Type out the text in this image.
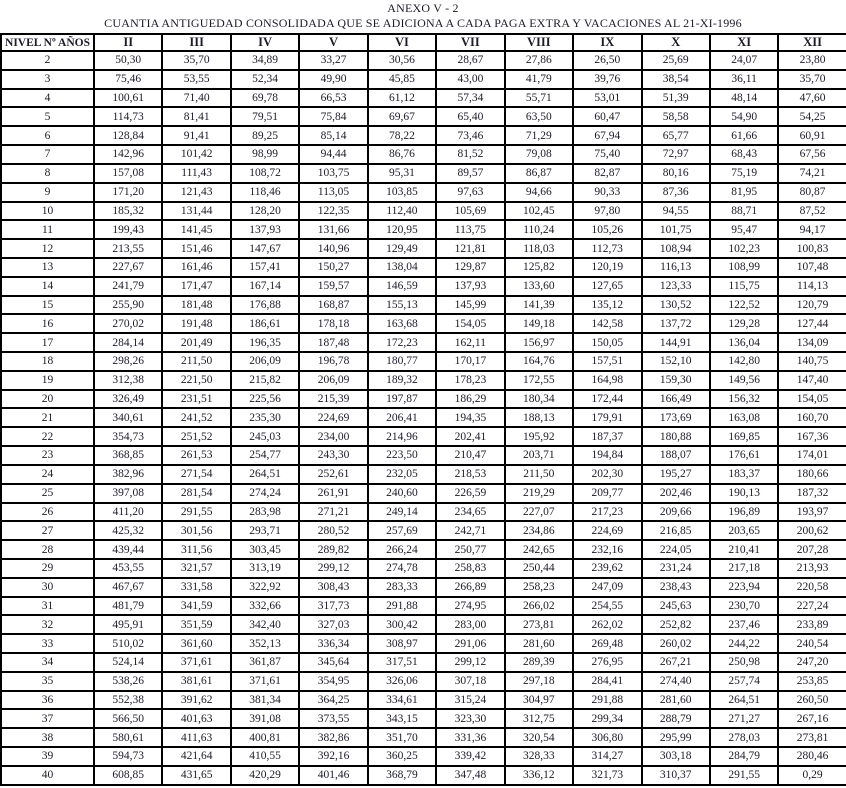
ANEXO V - 2
CUANTIA ANTIGUEDAD CONSOLIDADA QUE SE ADICIONA A CADA PAGA EXTRA Y VACACIONES AL 21-XI-1996
NIVEL Nº AÑOS	II	III	IV	V	VI	VII	VIII	IX	X	XI	XII
2	50,30	35,70	34,89	33,27	30,56	28,67	27,86	26,50	25,69	24,07	23,80
3	75,46	53,55	52,34	49,90	45,85	43,00	41,79	39,76	38,54	36,11	35,70
4	100,61	71,40	69,78	66,53	61,12	57,34	55,71	53,01	51,39	48,14	47,60
5	114,73	81,41	79,51	75,84	69,67	65,40	63,50	60,47	58,58	54,90	54,25
6	128,84	91,41	89,25	85,14	78,22	73,46	71,29	67,94	65,77	61,66	60,91
7	142,96	101,42	98,99	94,44	86,76	81,52	79,08	75,40	72,97	68,43	67,56
8	157,08	111,43	108,72	103,75	95,31	89,57	86,87	82,87	80,16	75,19	74,21
9	171,20	121,43	118,46	113,05	103,85	97,63	94,66	90,33	87,36	81,95	80,87
10	185,32	131,44	128,20	122,35	112,40	105,69	102,45	97,80	94,55	88,71	87,52
11	199,43	141,45	137,93	131,66	120,95	113,75	110,24	105,26	101,75	95,47	94,17
12	213,55	151,46	147,67	140,96	129,49	121,81	118,03	112,73	108,94	102,23	100,83
13	227,67	161,46	157,41	150,27	138,04	129,87	125,82	120,19	116,13	108,99	107,48
14	241,79	171,47	167,14	159,57	146,59	137,93	133,60	127,65	123,33	115,75	114,13
15	255,90	181,48	176,88	168,87	155,13	145,99	141,39	135,12	130,52	122,52	120,79
16	270,02	191,48	186,61	178,18	163,68	154,05	149,18	142,58	137,72	129,28	127,44
17	284,14	201,49	196,35	187,48	172,23	162,11	156,97	150,05	144,91	136,04	134,09
18	298,26	211,50	206,09	196,78	180,77	170,17	164,76	157,51	152,10	142,80	140,75
19	312,38	221,50	215,82	206,09	189,32	178,23	172,55	164,98	159,30	149,56	147,40
20	326,49	231,51	225,56	215,39	197,87	186,29	180,34	172,44	166,49	156,32	154,05
21	340,61	241,52	235,30	224,69	206,41	194,35	188,13	179,91	173,69	163,08	160,70
22	354,73	251,52	245,03	234,00	214,96	202,41	195,92	187,37	180,88	169,85	167,36
23	368,85	261,53	254,77	243,30	223,50	210,47	203,71	194,84	188,07	176,61	174,01
24	382,96	271,54	264,51	252,61	232,05	218,53	211,50	202,30	195,27	183,37	180,66
25	397,08	281,54	274,24	261,91	240,60	226,59	219,29	209,77	202,46	190,13	187,32
26	411,20	291,55	283,98	271,21	249,14	234,65	227,07	217,23	209,66	196,89	193,97
27	425,32	301,56	293,71	280,52	257,69	242,71	234,86	224,69	216,85	203,65	200,62
28	439,44	311,56	303,45	289,82	266,24	250,77	242,65	232,16	224,05	210,41	207,28
29	453,55	321,57	313,19	299,12	274,78	258,83	250,44	239,62	231,24	217,18	213,93
30	467,67	331,58	322,92	308,43	283,33	266,89	258,23	247,09	238,43	223,94	220,58
31	481,79	341,59	332,66	317,73	291,88	274,95	266,02	254,55	245,63	230,70	227,24
32	495,91	351,59	342,40	327,03	300,42	283,00	273,81	262,02	252,82	237,46	233,89
33	510,02	361,60	352,13	336,34	308,97	291,06	281,60	269,48	260,02	244,22	240,54
34	524,14	371,61	361,87	345,64	317,51	299,12	289,39	276,95	267,21	250,98	247,20
35	538,26	381,61	371,61	354,95	326,06	307,18	297,18	284,41	274,40	257,74	253,85
36	552,38	391,62	381,34	364,25	334,61	315,24	304,97	291,88	281,60	264,51	260,50
37	566,50	401,63	391,08	373,55	343,15	323,30	312,75	299,34	288,79	271,27	267,16
38	580,61	411,63	400,81	382,86	351,70	331,36	320,54	306,80	295,99	278,03	273,81
39	594,73	421,64	410,55	392,16	360,25	339,42	328,33	314,27	303,18	284,79	280,46
40	608,85	431,65	420,29	401,46	368,79	347,48	336,12	321,73	310,37	291,55	0,29
